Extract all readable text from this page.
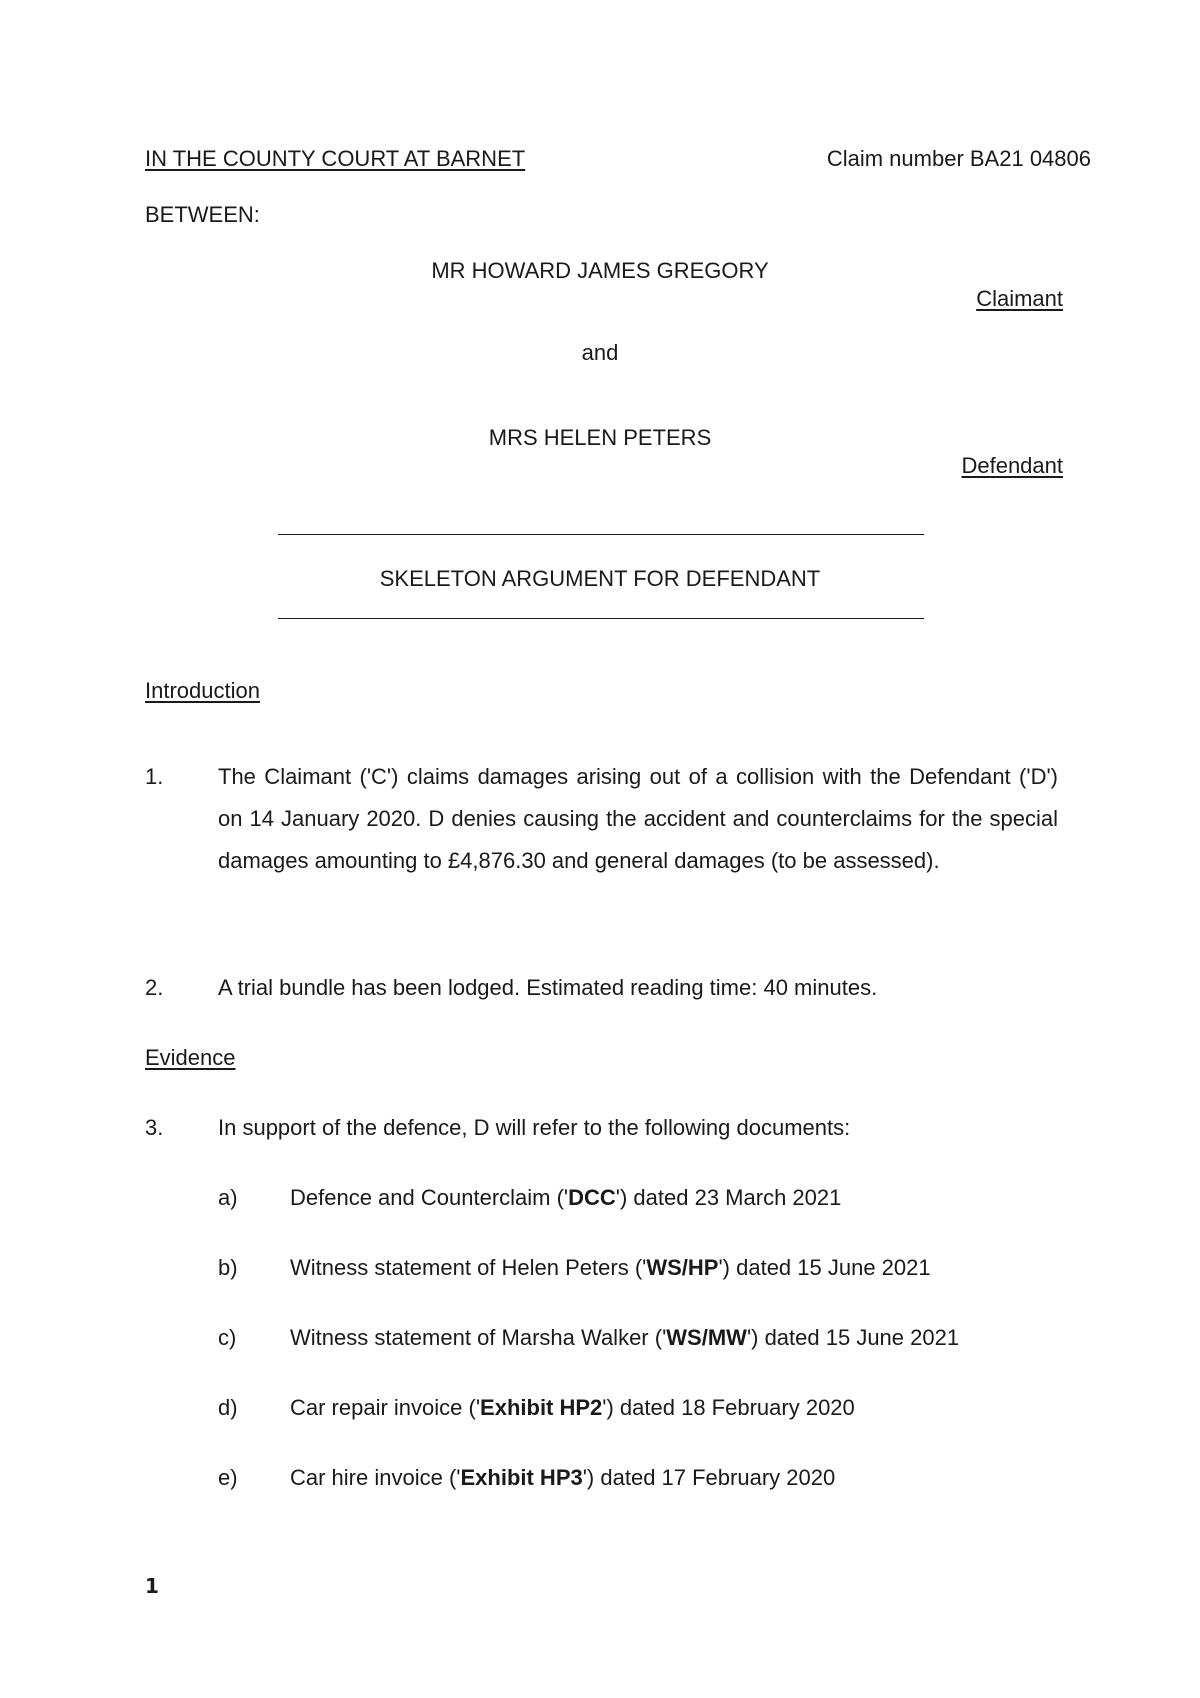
IN THE COUNTY COURT AT BARNET	Claim number BA21 04806
BETWEEN:
MR HOWARD JAMES GREGORY
Claimant
and
MRS HELEN PETERS
Defendant
SKELETON ARGUMENT FOR DEFENDANT
Introduction
1. The Claimant ('C') claims damages arising out of a collision with the Defendant ('D') on 14 January 2020. D denies causing the accident and counterclaims for the special damages amounting to £4,876.30 and general damages (to be assessed).
2. A trial bundle has been lodged. Estimated reading time: 40 minutes.
Evidence
3. In support of the defence, D will refer to the following documents:
a) Defence and Counterclaim ('DCC') dated 23 March 2021
b) Witness statement of Helen Peters ('WS/HP') dated 15 June 2021
c) Witness statement of Marsha Walker ('WS/MW') dated 15 June 2021
d) Car repair invoice ('Exhibit HP2') dated 18 February 2020
e) Car hire invoice ('Exhibit HP3') dated 17 February 2020
1
